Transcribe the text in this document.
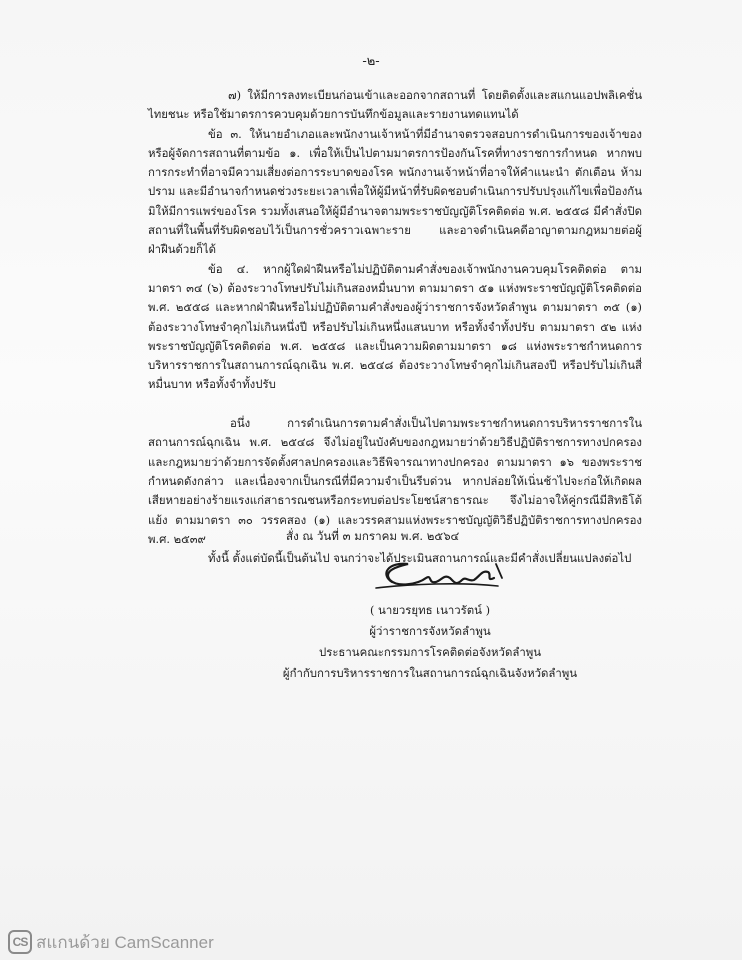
-๒-

๗) ให้มีการลงทะเบียนก่อนเข้าและออกจากสถานที่ โดยติดตั้งและสแกนแอปพลิเคชั่นไทยชนะ หรือใช้มาตรการควบคุมด้วยการบันทึกข้อมูลและรายงานทดแทนได้

ข้อ ๓. ให้นายอำเภอและพนักงานเจ้าหน้าที่มีอำนาจตรวจสอบการดำเนินการของเจ้าของหรือผู้จัดการสถานที่ตามข้อ ๑. เพื่อให้เป็นไปตามมาตรการป้องกันโรคที่ทางราชการกำหนด หากพบการกระทำที่อาจมีความเสี่ยงต่อการระบาดของโรค พนักงานเจ้าหน้าที่อาจให้คำแนะนำ ตักเตือน ห้ามปราม และมีอำนาจกำหนดช่วงระยะเวลาเพื่อให้ผู้มีหน้าที่รับผิดชอบดำเนินการปรับปรุงแก้ไขเพื่อป้องกันมิให้มีการแพร่ของโรค รวมทั้งเสนอให้ผู้มีอำนาจตามพระราชบัญญัติโรคติดต่อ พ.ศ. ๒๕๕๘ มีคำสั่งปิดสถานที่ในพื้นที่รับผิดชอบไว้เป็นการชั่วคราวเฉพาะราย และอาจดำเนินคดีอาญาตามกฎหมายต่อผู้ฝ่าฝืนด้วยก็ได้

ข้อ ๔. หากผู้ใดฝ่าฝืนหรือไม่ปฏิบัติตามคำสั่งของเจ้าพนักงานควบคุมโรคติดต่อ ตามมาตรา ๓๔ (๖) ต้องระวางโทษปรับไม่เกินสองหมื่นบาท ตามมาตรา ๕๑ แห่งพระราชบัญญัติโรคติดต่อ พ.ศ. ๒๕๕๘ และหากฝ่าฝืนหรือไม่ปฏิบัติตามคำสั่งของผู้ว่าราชการจังหวัดลำพูน ตามมาตรา ๓๕ (๑) ต้องระวางโทษจำคุกไม่เกินหนึ่งปี หรือปรับไม่เกินหนึ่งแสนบาท หรือทั้งจำทั้งปรับ ตามมาตรา ๕๒ แห่งพระราชบัญญัติโรคติดต่อ พ.ศ. ๒๕๕๘ และเป็นความผิดตามมาตรา ๑๘ แห่งพระราชกำหนดการบริหารราชการในสถานการณ์ฉุกเฉิน พ.ศ. ๒๕๔๘ ต้องระวางโทษจำคุกไม่เกินสองปี หรือปรับไม่เกินสี่หมื่นบาท หรือทั้งจำทั้งปรับ

อนึ่ง การดำเนินการตามคำสั่งเป็นไปตามพระราชกำหนดการบริหารราชการในสถานการณ์ฉุกเฉิน พ.ศ. ๒๕๔๘ จึงไม่อยู่ในบังคับของกฎหมายว่าด้วยวิธีปฏิบัติราชการทางปกครอง และกฎหมายว่าด้วยการจัดตั้งศาลปกครองและวิธีพิจารณาทางปกครอง ตามมาตรา ๑๖ ของพระราชกำหนดดังกล่าว และเนื่องจากเป็นกรณีที่มีความจำเป็นรีบด่วน หากปล่อยให้เนิ่นช้าไปจะก่อให้เกิดผลเสียหายอย่างร้ายแรงแก่สาธารณชนหรือกระทบต่อประโยชน์สาธารณะ จึงไม่อาจให้คู่กรณีมีสิทธิโต้แย้ง ตามมาตรา ๓๐ วรรคสอง (๑) และวรรคสามแห่งพระราชบัญญัติวิธีปฏิบัติราชการทางปกครอง พ.ศ. ๒๕๓๙

ทั้งนี้ ตั้งแต่บัดนี้เป็นต้นไป จนกว่าจะได้ประเมินสถานการณ์และมีคำสั่งเปลี่ยนแปลงต่อไป

สั่ง ณ วันที่ ๓ มกราคม พ.ศ. ๒๕๖๔
( นายวรยุทธ เนาวรัตน์ )
ผู้ว่าราชการจังหวัดลำพูน
ประธานคณะกรรมการโรคติดต่อจังหวัดลำพูน
ผู้กำกับการบริหารราชการในสถานการณ์ฉุกเฉินจังหวัดลำพูน
CS สแกนด้วย CamScanner
